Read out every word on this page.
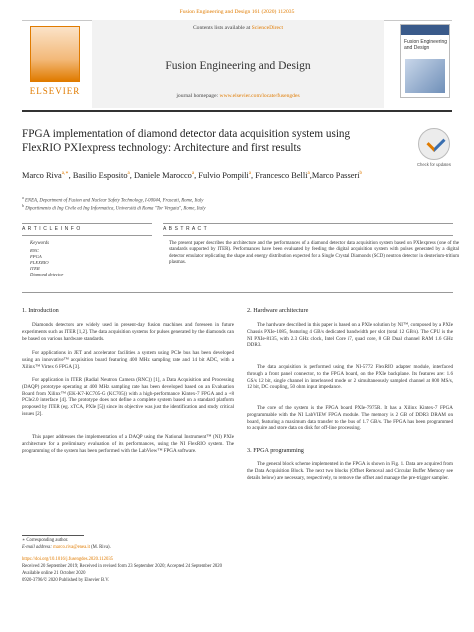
Fusion Engineering and Design 161 (2020) 112035
ELSEVIER
Contents lists available at ScienceDirect
Fusion Engineering and Design
journal homepage: www.elsevier.com/locate/fusengdes
Fusion Engineering and Design
FPGA implementation of diamond detector data acquisition system using FlexRIO PXIexpress technology: Architecture and first results
Check for updates
Marco Riva$^{a,∗}$, Basilio Esposito$^a$, Daniele Marocco$^a$, Fulvio Pompili$^a$, Francesco Belli$^a$,Marco Passeri$^b$
$^a$ ENEA, Department of Fusion and Nuclear Safety Technology, I-00044, Frascati, Rome, Italy
$^b$ Dipartimento di Ing Civile ed Ing Informatica, Università di Roma "Tor Vergata", Rome, Italy
A R T I C L E I N F O
Keywords
RNC
FPGA
FLEXRIO
ITER
Diamond detector
A B S T R A C T
The present paper describes the architecture and the performances of a diamond detector data acquisition system based on PXIexpress (one of the standards supported by ITER). Performances have been evaluated by feeding the digital acquisition system with pulses generated by a digital detector emulator replicating the shape and energy distribution expected for a Single Crystal Diamonds (SCD) neutron detector in deuterium-tritium plasmas.
1. Introduction
Diamonds detectors are widely used in present-day fusion machines and foreseen in future experiments such as ITER [1,2]. The data acquisition systems for pulses generated by the diamonds can be based on various hardware standards.
For applications in JET and accelerator facilities a system using PCIe bus has been developed using an innovative™ acquisition board featuring 400 MHz sampling rate and 14 bit ADC, with a Xilinx™ Virtex 6 FPGA [3].
For application in ITER (Radial Neutron Camera (RNC)) [1], a Data Acquisition and Processing (DAQP) prototype operating at 400 MHz sampling rate has been developed based on an Evaluation Board from Xilinx™ (EK-K7-KC705-G (KC705)) with a high-performance Kintex-7 FPGA and a +8 PCIe2.0 interface [4]. The prototype does not define a complete system based on a standard platform proposed by ITER (eg. xTCA, PXIe [5]) since its objective was just the identification and study critical issues [2].
This paper addresses the implementation of a DAQP using the National Instrument™ (NI) PXIe architecture for a preliminary evaluation of its performances, using the NI FlexRIO system. The programming of the system has been performed with the LabView™ FPGA software.
2. Hardware architecture
The hardware described in this paper is based on a PXIe solution by NI™, composed by a PXIe Chassis PXIe-1085, featuring 4 GB/s dedicated bandwidth per slot (total 12 GB/s). The CPU is the NI PXIe-8135, with 2.3 GHz clock, Intel Core i7, quad core, 8 GB Dual channel RAM 1.6 GHz DDR3.
The data acquisition is performed using the NI-5772 FlexRIO adapter module, interfaced through a front panel connector, to the FPGA board, on the PXIe backplane. Its features are: 1.6 GS/s 12 bit, single channel in interleaved mode or 2 simultaneously sampled channel at 800 MS/s, 12 bit, DC coupling, 50 ohm input impedance.
The core of the system is the FPGA board PXIe-7975R. It has a Xilinx Kintex-7 FPGA programmable with the NI LabVIEW FPGA module. The memory is 2 GB of DDR3 DRAM on board, featuring a maximum data transfer to the bus of 1.7 GB/s. The FPGA has been programmed to acquire and store data on disk for off-line processing.
3. FPGA programming
The general block scheme implemented in the FPGA is shown in Fig. 1. Data are acquired from the Data Acquisition Block. The next two blocks (Offset Removal and Circular Buffer Memory see details below) are necessary, respectively, to remove the offset and manage the pre-trigger sampler.
∗ Corresponding author.
E-mail address: marco.riva@enea.it (M. Riva).
https://doi.org/10.1016/j.fusengdes.2020.112035
Received 20 September 2019; Received in revised form 23 September 2020; Accepted 24 September 2020
Available online 21 October 2020
0920-3796/© 2020 Published by Elsevier B.V.
